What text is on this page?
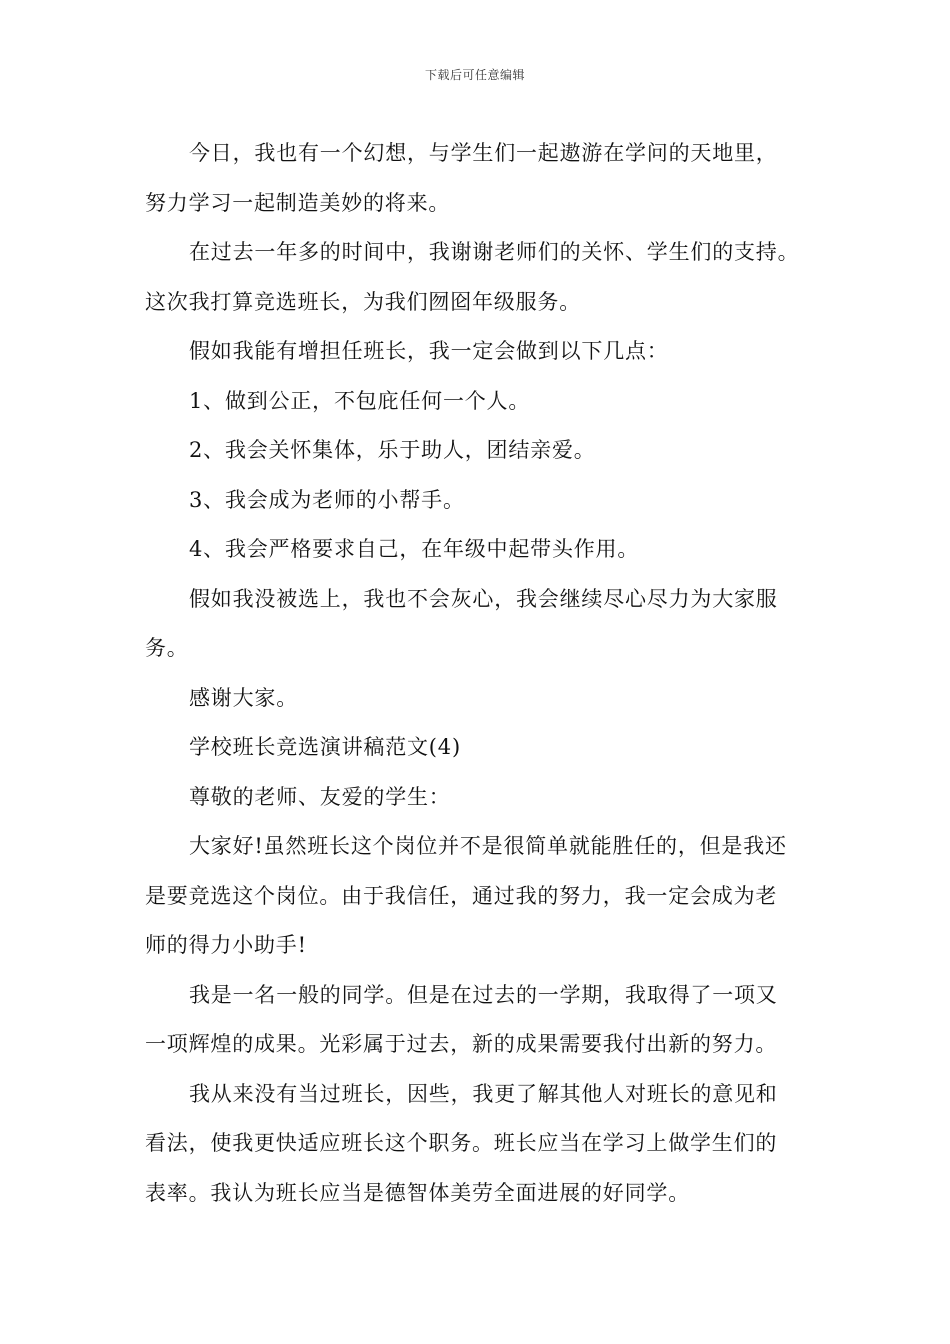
下载后可任意编辑

今日，我也有一个幻想，与学生们一起遨游在学问的天地里，
努力学习一起制造美妙的将来。

在过去一年多的时间中，我谢谢老师们的关怀、学生们的支持。
这次我打算竞选班长，为我们囫囵年级服务。

假如我能有增担任班长，我一定会做到以下几点：

1、做到公正，不包庇任何一个人。

2、我会关怀集体，乐于助人，团结亲爱。

3、我会成为老师的小帮手。

4、我会严格要求自己，在年级中起带头作用。

假如我没被选上，我也不会灰心，我会继续尽心尽力为大家服
务。

感谢大家。

学校班长竞选演讲稿范文(4)

尊敬的老师、友爱的学生：

大家好!虽然班长这个岗位并不是很简单就能胜任的，但是我还
是要竞选这个岗位。由于我信任，通过我的努力，我一定会成为老
师的得力小助手!

我是一名一般的同学。但是在过去的一学期，我取得了一项又
一项辉煌的成果。光彩属于过去，新的成果需要我付出新的努力。

我从来没有当过班长，因些，我更了解其他人对班长的意见和
看法，使我更快适应班长这个职务。班长应当在学习上做学生们的
表率。我认为班长应当是德智体美劳全面进展的好同学。
